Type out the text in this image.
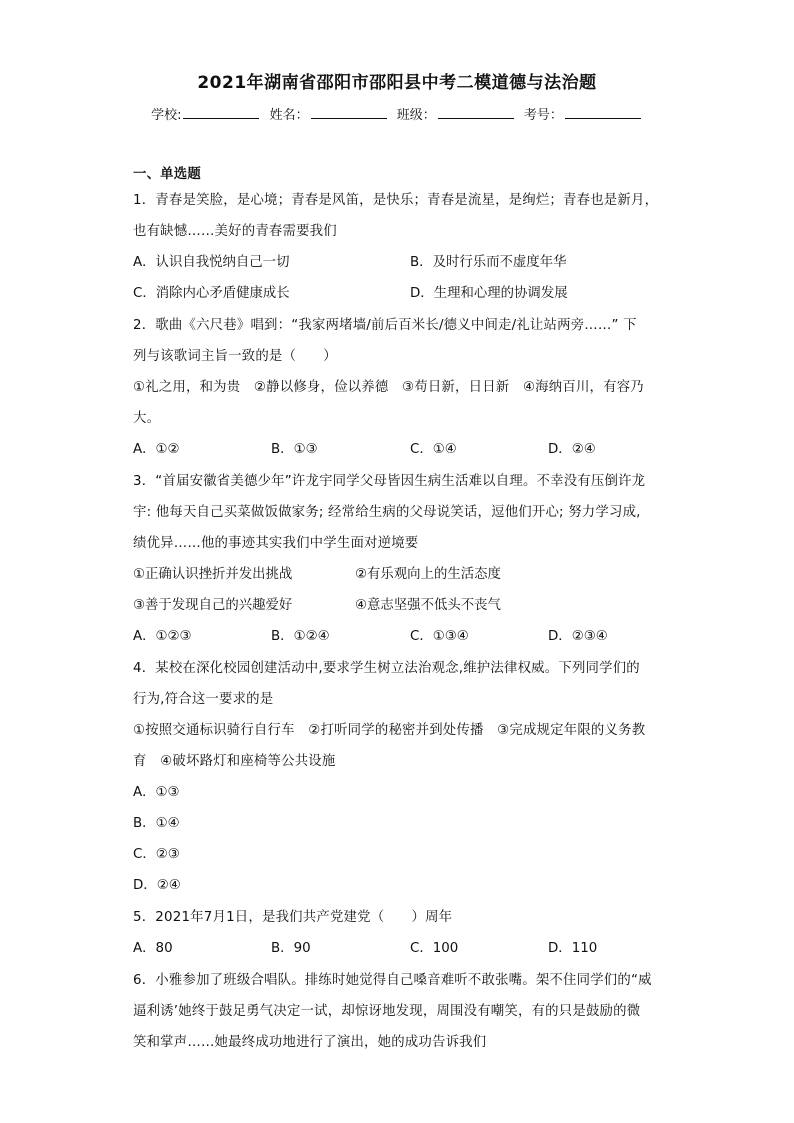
2021年湖南省邵阳市邵阳县中考二模道德与法治题
学校:	姓名：	班级：	考号：
一、单选题
1．青春是笑脸，是心境；青春是风笛，是快乐；青春是流星，是绚烂；青春也是新月，
也有缺憾……美好的青春需要我们
A．认识自我悦纳自己一切	B．及时行乐而不虚度年华
C．消除内心矛盾健康成长	D．生理和心理的协调发展
2．歌曲《六尺巷》唱到：“我家两堵墙/前后百米长/德义中间走/礼让站两旁……” 下
列与该歌词主旨一致的是（　　）
①礼之用，和为贵　②静以修身，俭以养德　③苟日新，日日新　④海纳百川，有容乃
大。
A．①②	B．①③	C．①④	D．②④
3．“首届安徽省美德少年”许龙宇同学父母皆因生病生活难以自理。不幸没有压倒许龙
宇: 他每天自己买菜做饭做家务; 经常给生病的父母说笑话，逗他们开心; 努力学习成,
绩优异……他的事迹其实我们中学生面对逆境要
①正确认识挫折并发出挑战	②有乐观向上的生活态度
③善于发现自己的兴趣爱好	④意志坚强不低头不丧气
A．①②③	B．①②④	C．①③④	D．②③④
4．某校在深化校园创建活动中,要求学生树立法治观念,维护法律权威。下列同学们的
行为,符合这一要求的是
①按照交通标识骑行自行车　②打听同学的秘密并到处传播　③完成规定年限的义务教
育　④破坏路灯和座椅等公共设施
A．①③
B．①④
C．②③
D．②④
5．2021年7月1日，是我们共产党建党（　　）周年
A．80	B．90	C．100	D．110
6．小雅参加了班级合唱队。排练时她觉得自己嗓音难听不敢张嘴。架不住同学们的“威
逼利诱’她终于鼓足勇气决定一试，却惊讶地发现，周围没有嘲笑，有的只是鼓励的微
笑和掌声……她最终成功地进行了演出，她的成功告诉我们
